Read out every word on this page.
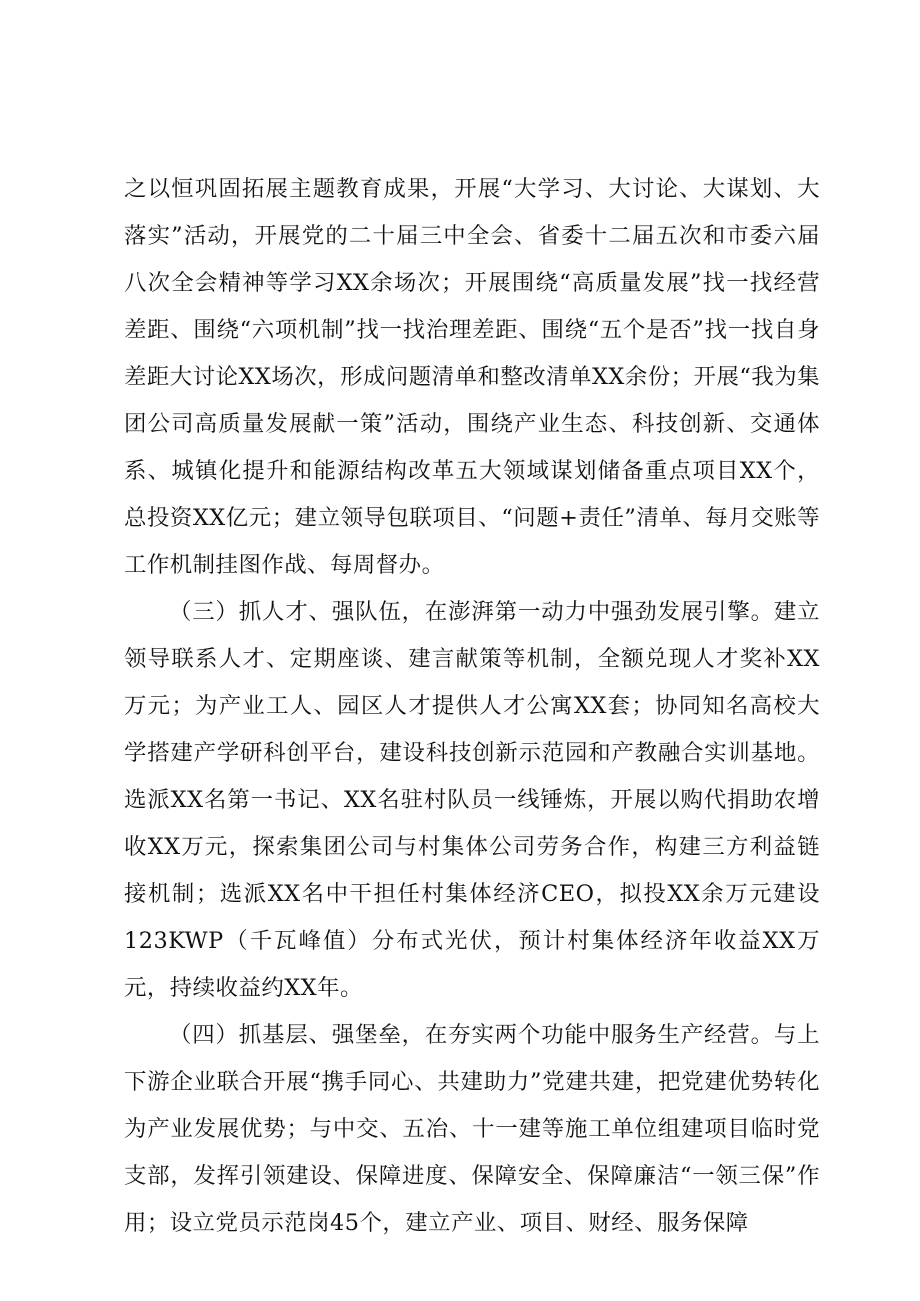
之以恒巩固拓展主题教育成果，开展“大学习、大讨论、大谋划、大落实”活动，开展党的二十届三中全会、省委十二届五次和市委六届八次全会精神等学习XX余场次；开展围绕“高质量发展”找一找经营差距、围绕“六项机制”找一找治理差距、围绕“五个是否”找一找自身差距大讨论XX场次，形成问题清单和整改清单XX余份；开展“我为集团公司高质量发展献一策”活动，围绕产业生态、科技创新、交通体系、城镇化提升和能源结构改革五大领域谋划储备重点项目XX个，总投资XX亿元；建立领导包联项目、“问题+责任”清单、每月交账等工作机制挂图作战、每周督办。

（三）抓人才、强队伍，在澎湃第一动力中强劲发展引擎。建立领导联系人才、定期座谈、建言献策等机制，全额兑现人才奖补XX万元；为产业工人、园区人才提供人才公寓XX套；协同知名高校大学搭建产学研科创平台，建设科技创新示范园和产教融合实训基地。选派XX名第一书记、XX名驻村队员一线锤炼，开展以购代捐助农增收XX万元，探索集团公司与村集体公司劳务合作，构建三方利益链接机制；选派XX名中干担任村集体经济CEO，拟投XX余万元建设123KWP（千瓦峰值）分布式光伏，预计村集体经济年收益XX万元，持续收益约XX年。

（四）抓基层、强堡垒，在夯实两个功能中服务生产经营。与上下游企业联合开展“携手同心、共建助力”党建共建，把党建优势转化为产业发展优势；与中交、五冶、十一建等施工单位组建项目临时党支部，发挥引领建设、保障进度、保障安全、保障廉洁“一领三保”作用；设立党员示范岗45个，建立产业、项目、财经、服务保障
